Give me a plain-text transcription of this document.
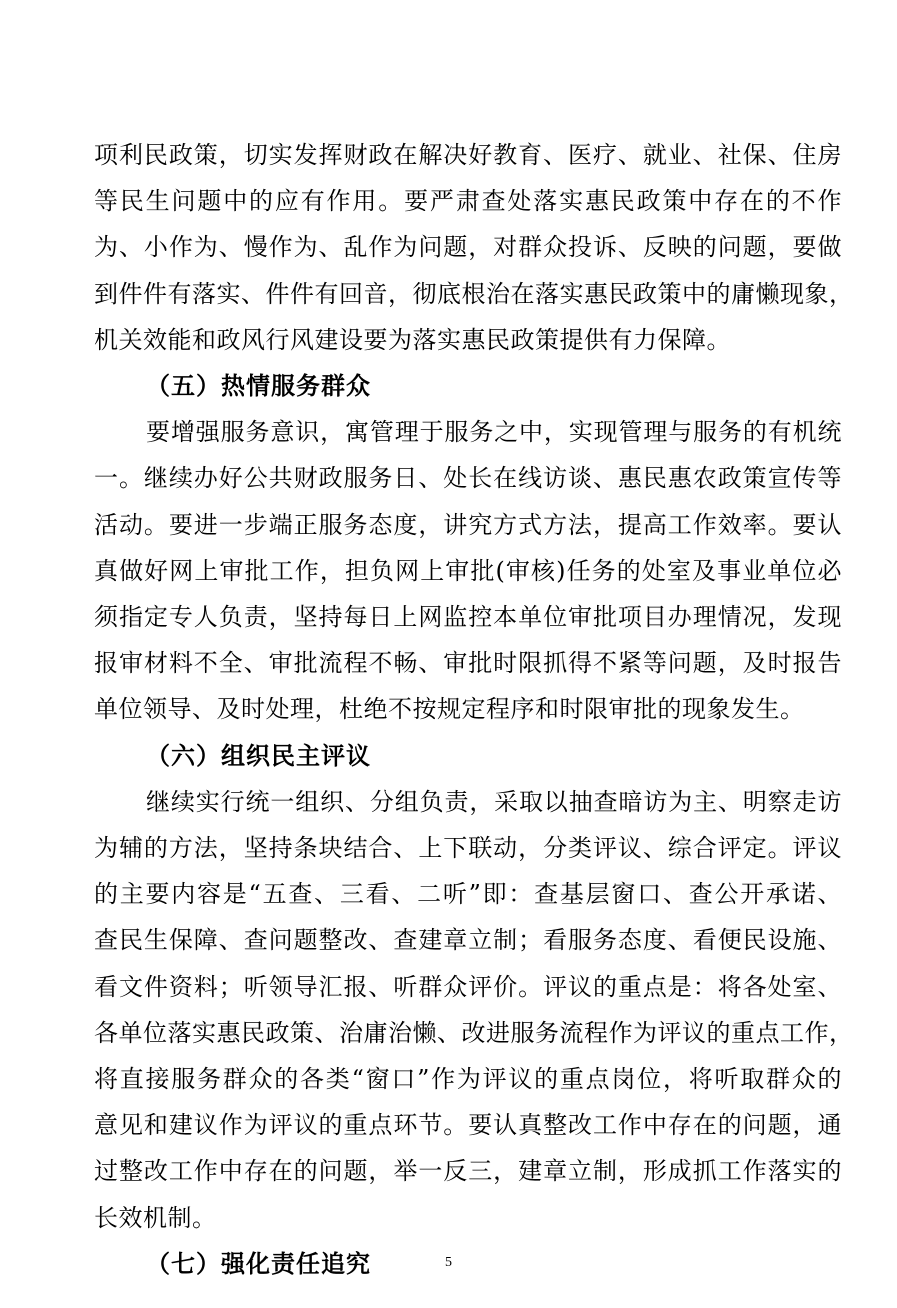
项利民政策，切实发挥财政在解决好教育、医疗、就业、社保、住房
等民生问题中的应有作用。要严肃查处落实惠民政策中存在的不作
为、小作为、慢作为、乱作为问题，对群众投诉、反映的问题，要做
到件件有落实、件件有回音，彻底根治在落实惠民政策中的庸懒现象，
机关效能和政风行风建设要为落实惠民政策提供有力保障。
（五）热情服务群众
要增强服务意识，寓管理于服务之中，实现管理与服务的有机统
一。继续办好公共财政服务日、处长在线访谈、惠民惠农政策宣传等
活动。要进一步端正服务态度，讲究方式方法，提高工作效率。要认
真做好网上审批工作，担负网上审批(审核)任务的处室及事业单位必
须指定专人负责，坚持每日上网监控本单位审批项目办理情况，发现
报审材料不全、审批流程不畅、审批时限抓得不紧等问题，及时报告
单位领导、及时处理，杜绝不按规定程序和时限审批的现象发生。
（六）组织民主评议
继续实行统一组织、分组负责，采取以抽查暗访为主、明察走访
为辅的方法，坚持条块结合、上下联动，分类评议、综合评定。评议
的主要内容是“五查、三看、二听”即：查基层窗口、查公开承诺、
查民生保障、查问题整改、查建章立制；看服务态度、看便民设施、
看文件资料；听领导汇报、听群众评价。评议的重点是：将各处室、
各单位落实惠民政策、治庸治懒、改进服务流程作为评议的重点工作，
将直接服务群众的各类“窗口”作为评议的重点岗位，将听取群众的
意见和建议作为评议的重点环节。要认真整改工作中存在的问题，通
过整改工作中存在的问题，举一反三，建章立制，形成抓工作落实的
长效机制。
5
（七）强化责任追究
